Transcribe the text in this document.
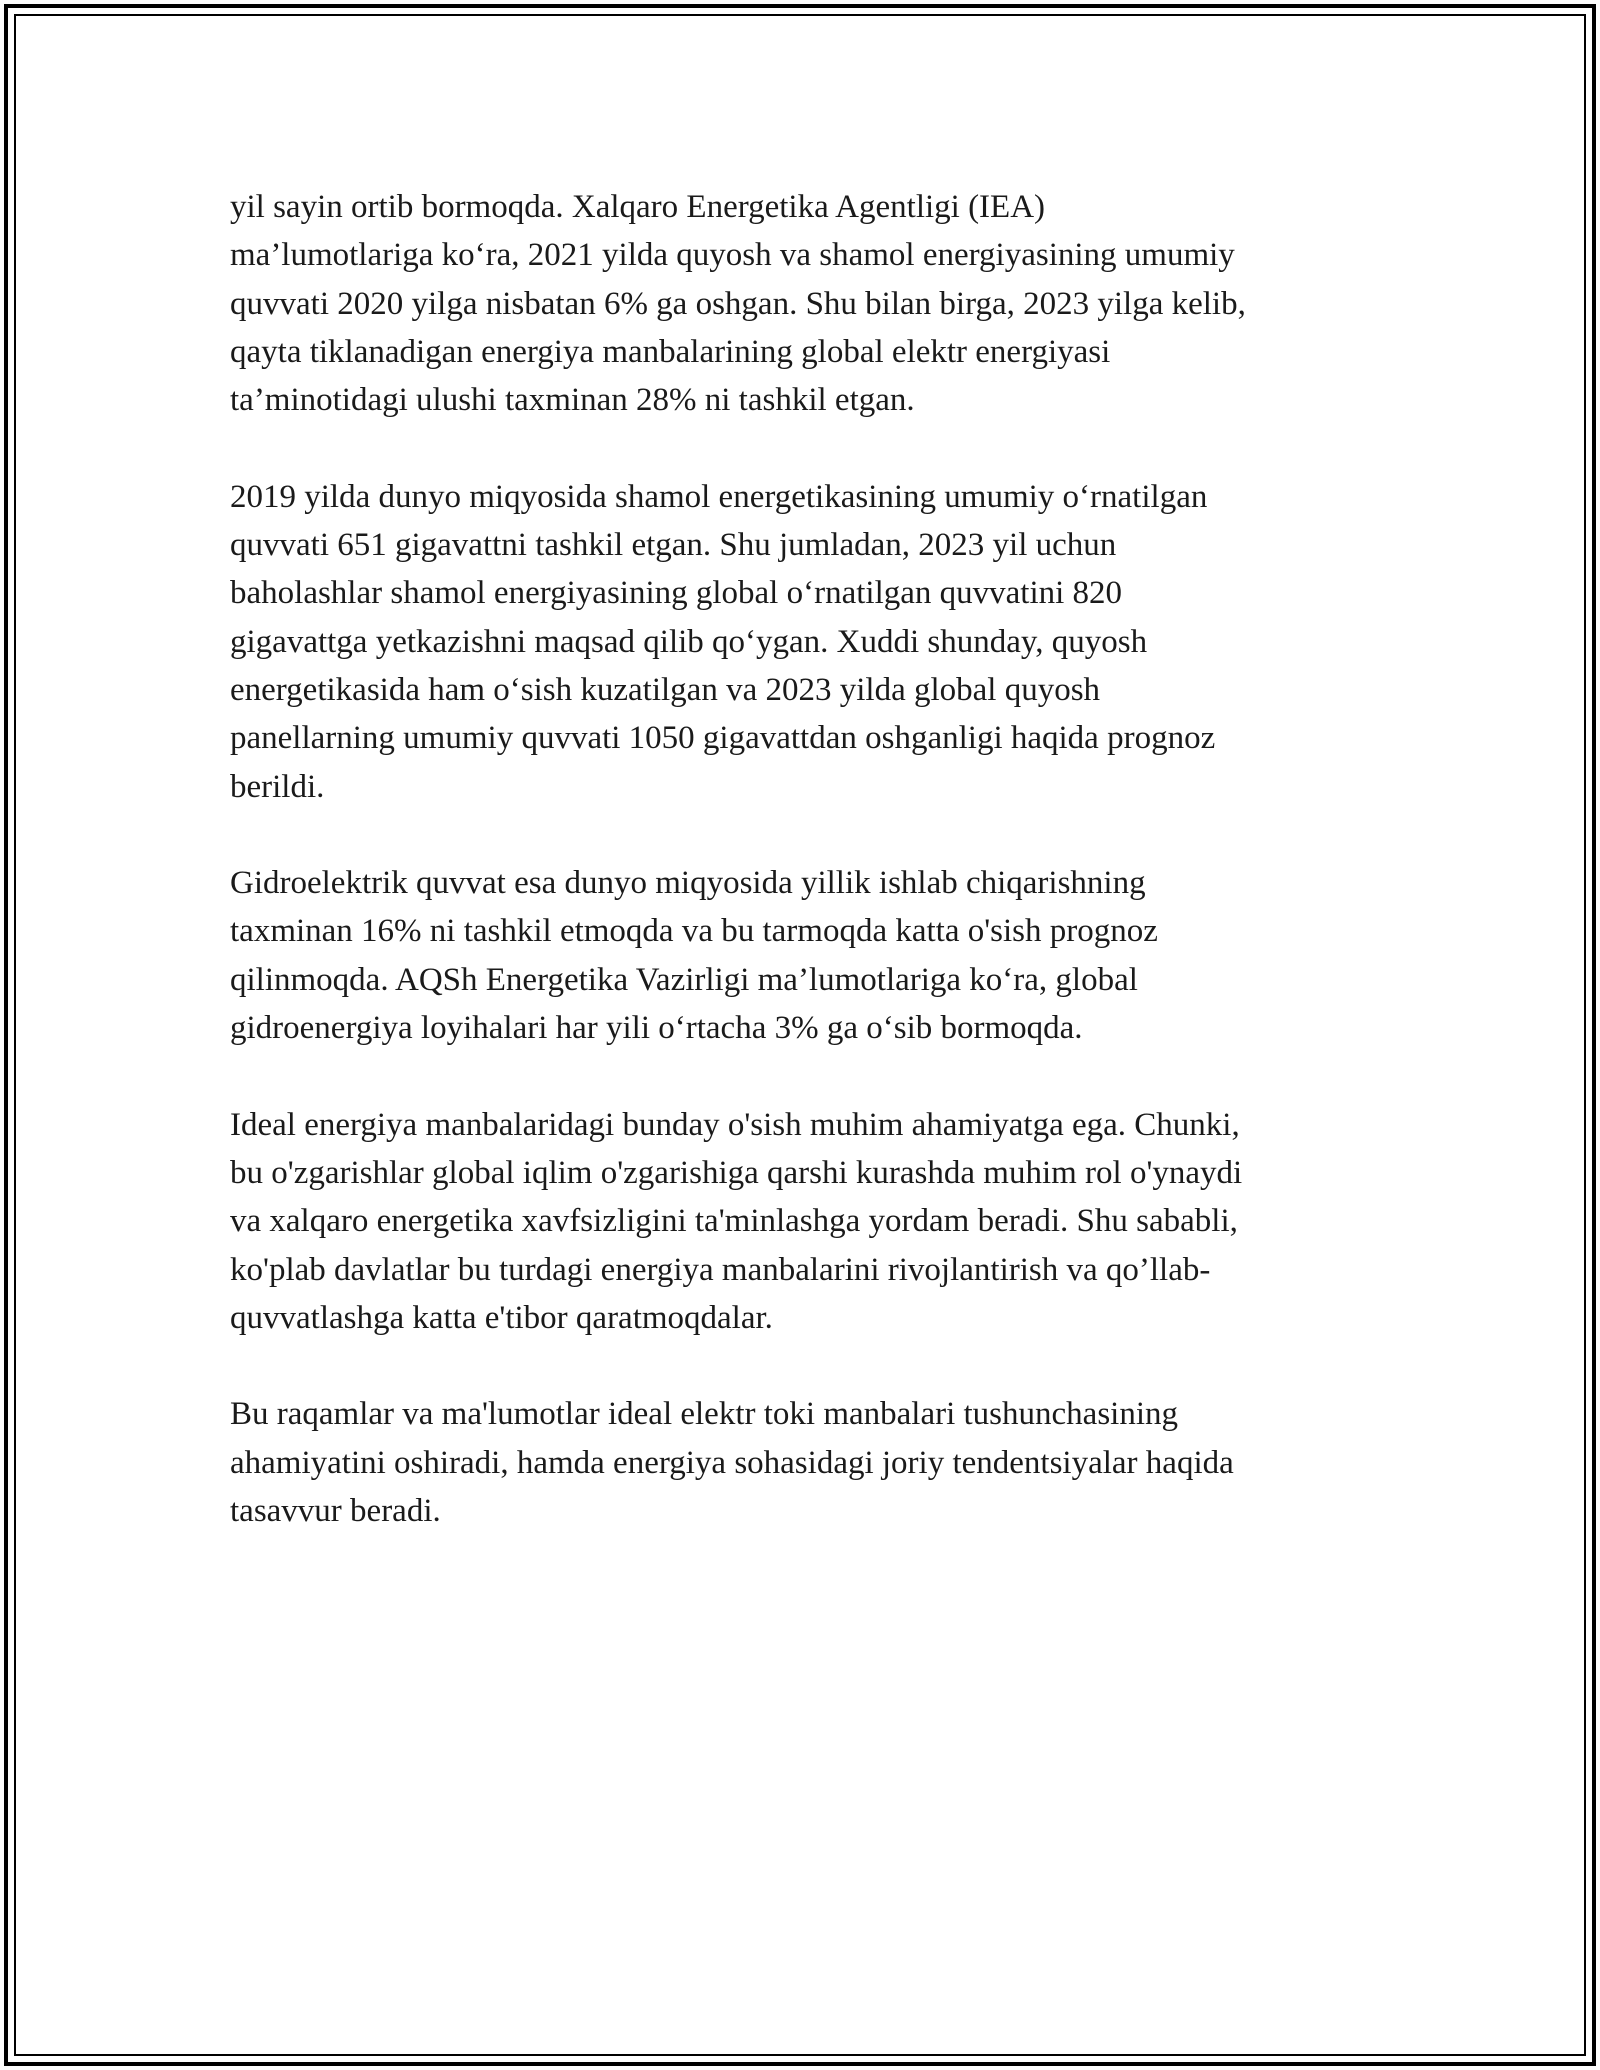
yil sayin ortib bormoqda. Xalqaro Energetika Agentligi (IEA)
ma’lumotlariga ko‘ra, 2021 yilda quyosh va shamol energiyasining umumiy
quvvati 2020 yilga nisbatan 6% ga oshgan. Shu bilan birga, 2023 yilga kelib,
qayta tiklanadigan energiya manbalarining global elektr energiyasi
ta’minotidagi ulushi taxminan 28% ni tashkil etgan.

2019 yilda dunyo miqyosida shamol energetikasining umumiy o‘rnatilgan
quvvati 651 gigavattni tashkil etgan. Shu jumladan, 2023 yil uchun
baholashlar shamol energiyasining global o‘rnatilgan quvvatini 820
gigavattga yetkazishni maqsad qilib qo‘ygan. Xuddi shunday, quyosh
energetikasida ham o‘sish kuzatilgan va 2023 yilda global quyosh
panellarning umumiy quvvati 1050 gigavattdan oshganligi haqida prognoz
berildi.

Gidroelektrik quvvat esa dunyo miqyosida yillik ishlab chiqarishning
taxminan 16% ni tashkil etmoqda va bu tarmoqda katta o'sish prognoz
qilinmoqda. AQSh Energetika Vazirligi ma’lumotlariga ko‘ra, global
gidroenergiya loyihalari har yili o‘rtacha 3% ga o‘sib bormoqda.

Ideal energiya manbalaridagi bunday o'sish muhim ahamiyatga ega. Chunki,
bu o'zgarishlar global iqlim o'zgarishiga qarshi kurashda muhim rol o'ynaydi
va xalqaro energetika xavfsizligini ta'minlashga yordam beradi. Shu sababli,
ko'plab davlatlar bu turdagi energiya manbalarini rivojlantirish va qo’llab-
quvvatlashga katta e'tibor qaratmoqdalar.

Bu raqamlar va ma'lumotlar ideal elektr toki manbalari tushunchasining
ahamiyatini oshiradi, hamda energiya sohasidagi joriy tendentsiyalar haqida
tasavvur beradi.
